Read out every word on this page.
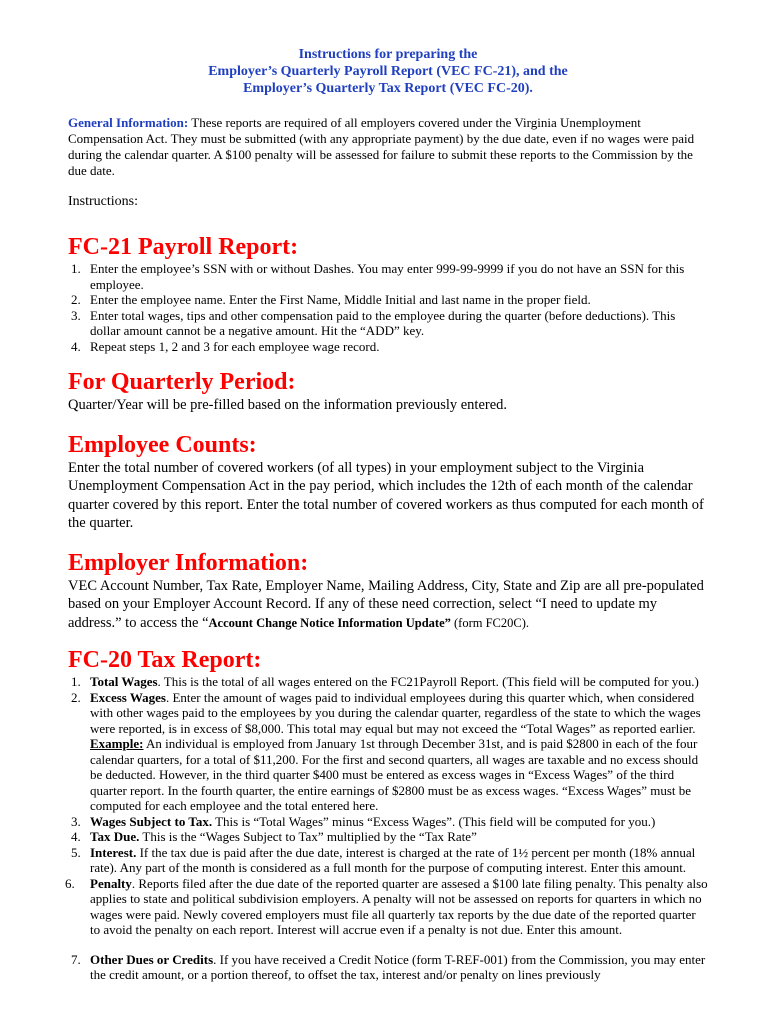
Instructions for preparing the
Employer’s Quarterly Payroll Report (VEC FC-21), and the
Employer’s Quarterly Tax Report (VEC FC-20).

General Information: These reports are required of all employers covered under the Virginia Unemployment Compensation Act. They must be submitted (with any appropriate payment) by the due date, even if no wages were paid during the calendar quarter. A $100 penalty will be assessed for failure to submit these reports to the Commission by the due date.

Instructions:

FC-21 Payroll Report:
1. Enter the employee’s SSN with or without Dashes. You may enter 999-99-9999 if you do not have an SSN for this employee.
2. Enter the employee name. Enter the First Name, Middle Initial and last name in the proper field.
3. Enter total wages, tips and other compensation paid to the employee during the quarter (before deductions). This dollar amount cannot be a negative amount. Hit the “ADD” key.
4. Repeat steps 1, 2 and 3 for each employee wage record.
For Quarterly Period:

Quarter/Year will be pre-filled based on the information previously entered.

Employee Counts:

Enter the total number of covered workers (of all types) in your employment subject to the Virginia Unemployment Compensation Act in the pay period, which includes the 12th of each month of the calendar quarter covered by this report. Enter the total number of covered workers as thus computed for each month of the quarter.

Employer Information:

VEC Account Number, Tax Rate, Employer Name, Mailing Address, City, State and Zip are all pre-populated based on your Employer Account Record. If any of these need correction, select “I need to update my address.” to access the “Account Change Notice Information Update” (form FC20C).

FC-20 Tax Report:
1. Total Wages. This is the total of all wages entered on the FC21Payroll Report. (This field will be computed for you.)
2. Excess Wages. Enter the amount of wages paid to individual employees during this quarter which, when considered with other wages paid to the employees by you during the calendar quarter, regardless of the state to which the wages were reported, is in excess of $8,000. This total may equal but may not exceed the “Total Wages” as reported earlier. Example: An individual is employed from January 1st through December 31st, and is paid $2800 in each of the four calendar quarters, for a total of $11,200. For the first and second quarters, all wages are taxable and no excess should be deducted. However, in the third quarter $400 must be entered as excess wages in “Excess Wages” of the third quarter report. In the fourth quarter, the entire earnings of $2800 must be as excess wages. “Excess Wages” must be computed for each employee and the total entered here.
3. Wages Subject to Tax. This is “Total Wages” minus “Excess Wages”. (This field will be computed for you.)
4. Tax Due. This is the “Wages Subject to Tax” multiplied by the “Tax Rate”
5. Interest. If the tax due is paid after the due date, interest is charged at the rate of 1½ percent per month (18% annual rate). Any part of the month is considered as a full month for the purpose of computing interest. Enter this amount.
6. Penalty. Reports filed after the due date of the reported quarter are assesed a $100 late filing penalty. This penalty also applies to state and political subdivision employers. A penalty will not be assessed on reports for quarters in which no wages were paid. Newly covered employers must file all quarterly tax reports by the due date of the reported quarter to avoid the penalty on each report. Interest will accrue even if a penalty is not due. Enter this amount.
7. Other Dues or Credits. If you have received a Credit Notice (form T-REF-001) from the Commission, you may enter the credit amount, or a portion thereof, to offset the tax, interest and/or penalty on lines previously
